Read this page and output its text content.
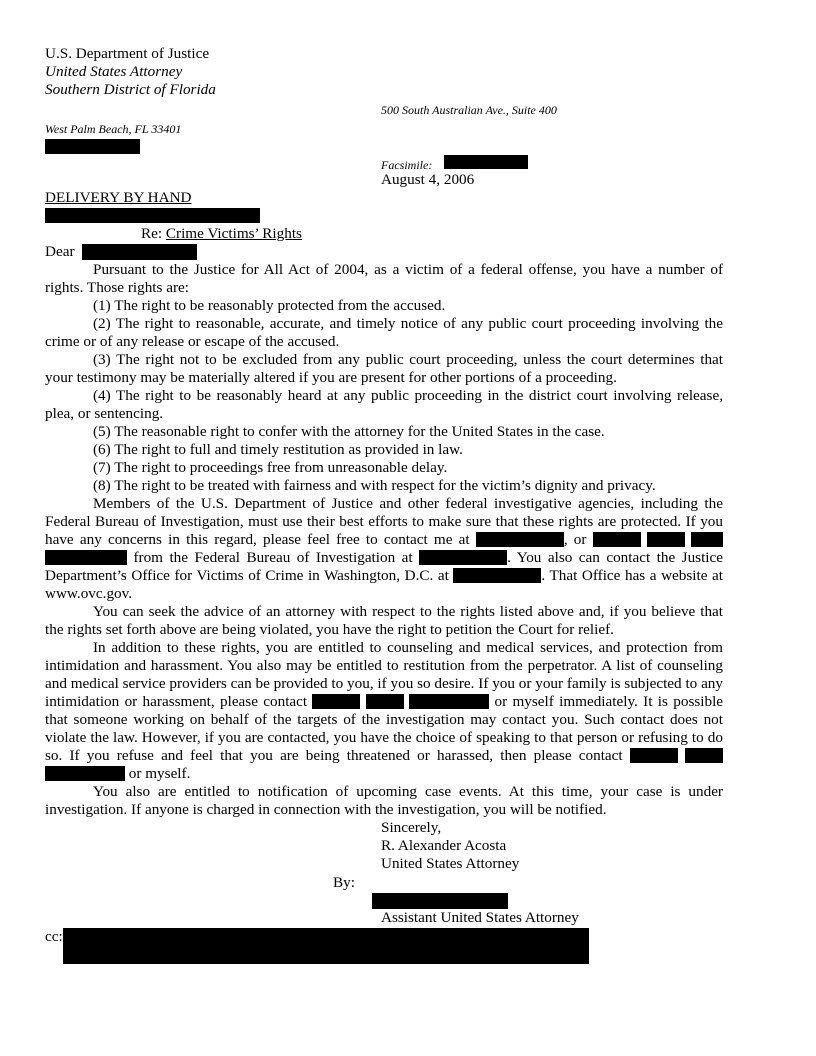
U.S. Department of Justice
United States Attorney
Southern District of Florida
500 South Australian Ave., Suite 400
West Palm Beach, FL 33401
Facsimile:
August 4, 2006
DELIVERY BY HAND
Re: Crime Victims’ Rights
Dear

Pursuant to the Justice for All Act of 2004, as a victim of a federal offense, you have a number of rights. Those rights are:

(1) The right to be reasonably protected from the accused.

(2) The right to reasonable, accurate, and timely notice of any public court proceeding involving the crime or of any release or escape of the accused.

(3) The right not to be excluded from any public court proceeding, unless the court determines that your testimony may be materially altered if you are present for other portions of a proceeding.

(4) The right to be reasonably heard at any public proceeding in the district court involving release, plea, or sentencing.

(5) The reasonable right to confer with the attorney for the United States in the case.

(6) The right to full and timely restitution as provided in law.

(7) The right to proceedings free from unreasonable delay.

(8) The right to be treated with fairness and with respect for the victim’s dignity and privacy.

Members of the U.S. Department of Justice and other federal investigative agencies, including the Federal Bureau of Investigation, must use their best efforts to make sure that these rights are protected. If you have any concerns in this regard, please feel free to contact me at	, or     from the Federal Bureau of Investigation at	. You also can contact the Justice Department’s Office for Victims of Crime in Washington, D.C. at	. That Office has a website at www.ovc.gov.

You can seek the advice of an attorney with respect to the rights listed above and, if you believe that the rights set forth above are being violated, you have the right to petition the Court for relief.

In addition to these rights, you are entitled to counseling and medical services, and protection from intimidation and harassment. You also may be entitled to restitution from the perpetrator. A list of counseling and medical service providers can be provided to you, if you so desire. If you or your family is subjected to any intimidation or harassment, please contact	or myself immediately. It is possible that someone working on behalf of the targets of the investigation may contact you. Such contact does not violate the law. However, if you are contacted, you have the choice of speaking to that person or refusing to do so. If you refuse and feel that you are being threatened or harassed, then please contact    or myself.

You also are entitled to notification of upcoming case events. At this time, your case is under investigation. If anyone is charged in connection with the investigation, you will be notified.

Sincerely,
R. Alexander Acosta
United States Attorney
By:
Assistant United States Attorney
cc:
